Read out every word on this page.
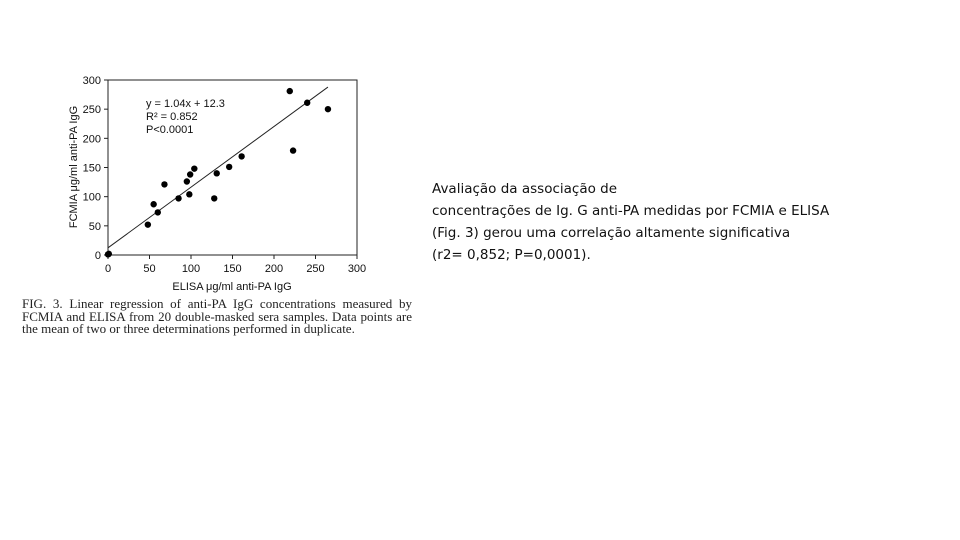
0	50 100 150 200 250 300
0
50
100
150
200
250
300
y = 1.04x + 12.3
R² = 0.852
P<0.0001
ELISA μg/ml anti-PA IgG
FCMIA μg/ml anti-PA IgG
FIG. 3. Linear regression of anti-PA IgG concentrations measured by FCMIA and ELISA from 20 double-masked sera samples. Data points are the mean of two or three determinations performed in duplicate.
Avaliação da associação de
concentrações de Ig. G anti-PA medidas por FCMIA e ELISA
(Fig. 3) gerou uma correlação altamente significativa
(r2= 0,852; P=0,0001).
